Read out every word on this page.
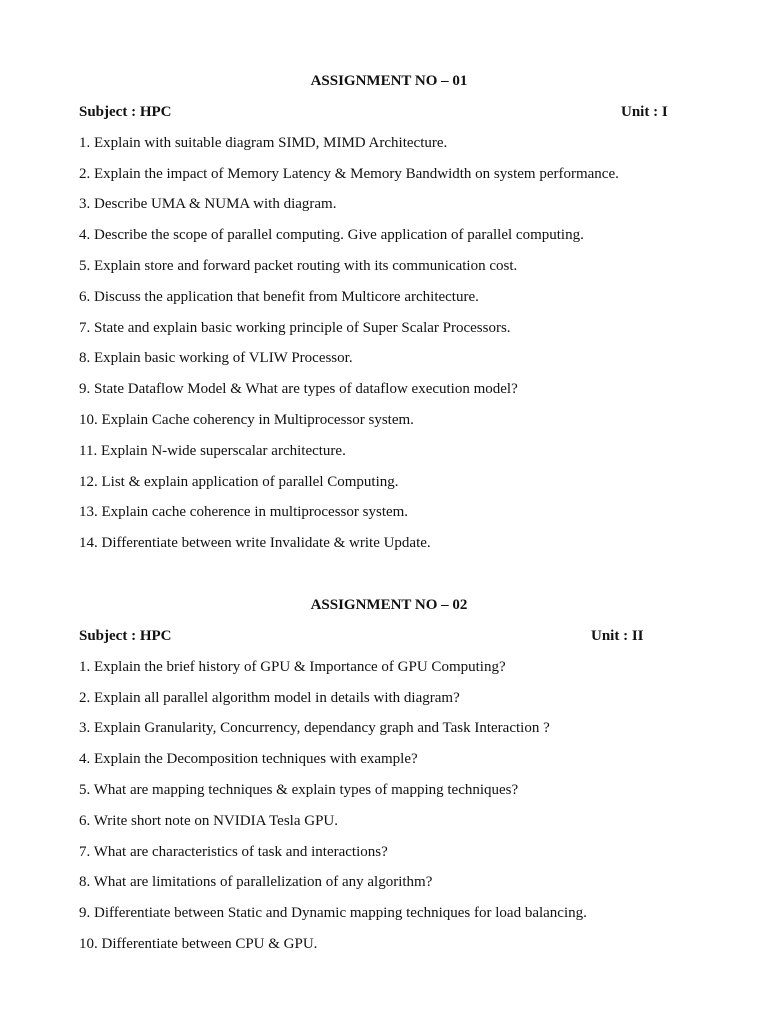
ASSIGNMENT NO – 01
Subject : HPC	Unit : I
1. Explain with suitable diagram SIMD, MIMD Architecture.
2. Explain the impact of Memory Latency & Memory Bandwidth on system performance.
3. Describe UMA & NUMA with diagram.
4. Describe the scope of parallel computing. Give application of parallel computing.
5. Explain store and forward packet routing with its communication cost.
6. Discuss the application that benefit from Multicore architecture.
7. State and explain basic working principle of Super Scalar Processors.
8. Explain basic working of VLIW Processor.
9. State Dataflow Model & What are types of dataflow execution model?
10. Explain Cache coherency in Multiprocessor system.
11. Explain N-wide superscalar architecture.
12. List & explain application of parallel Computing.
13. Explain cache coherence in multiprocessor system.
14. Differentiate between write Invalidate & write Update.
ASSIGNMENT NO – 02
Subject : HPC	Unit : II
1. Explain the brief history of GPU & Importance of GPU Computing?
2. Explain all parallel algorithm model in details with diagram?
3. Explain Granularity, Concurrency, dependancy graph and Task Interaction ?
4. Explain the Decomposition techniques with example?
5. What are mapping techniques & explain types of mapping techniques?
6. Write short note on NVIDIA Tesla GPU.
7. What are characteristics of task and interactions?
8. What are limitations of parallelization of any algorithm?
9. Differentiate between Static and Dynamic mapping techniques for load balancing.
10. Differentiate between CPU & GPU.
